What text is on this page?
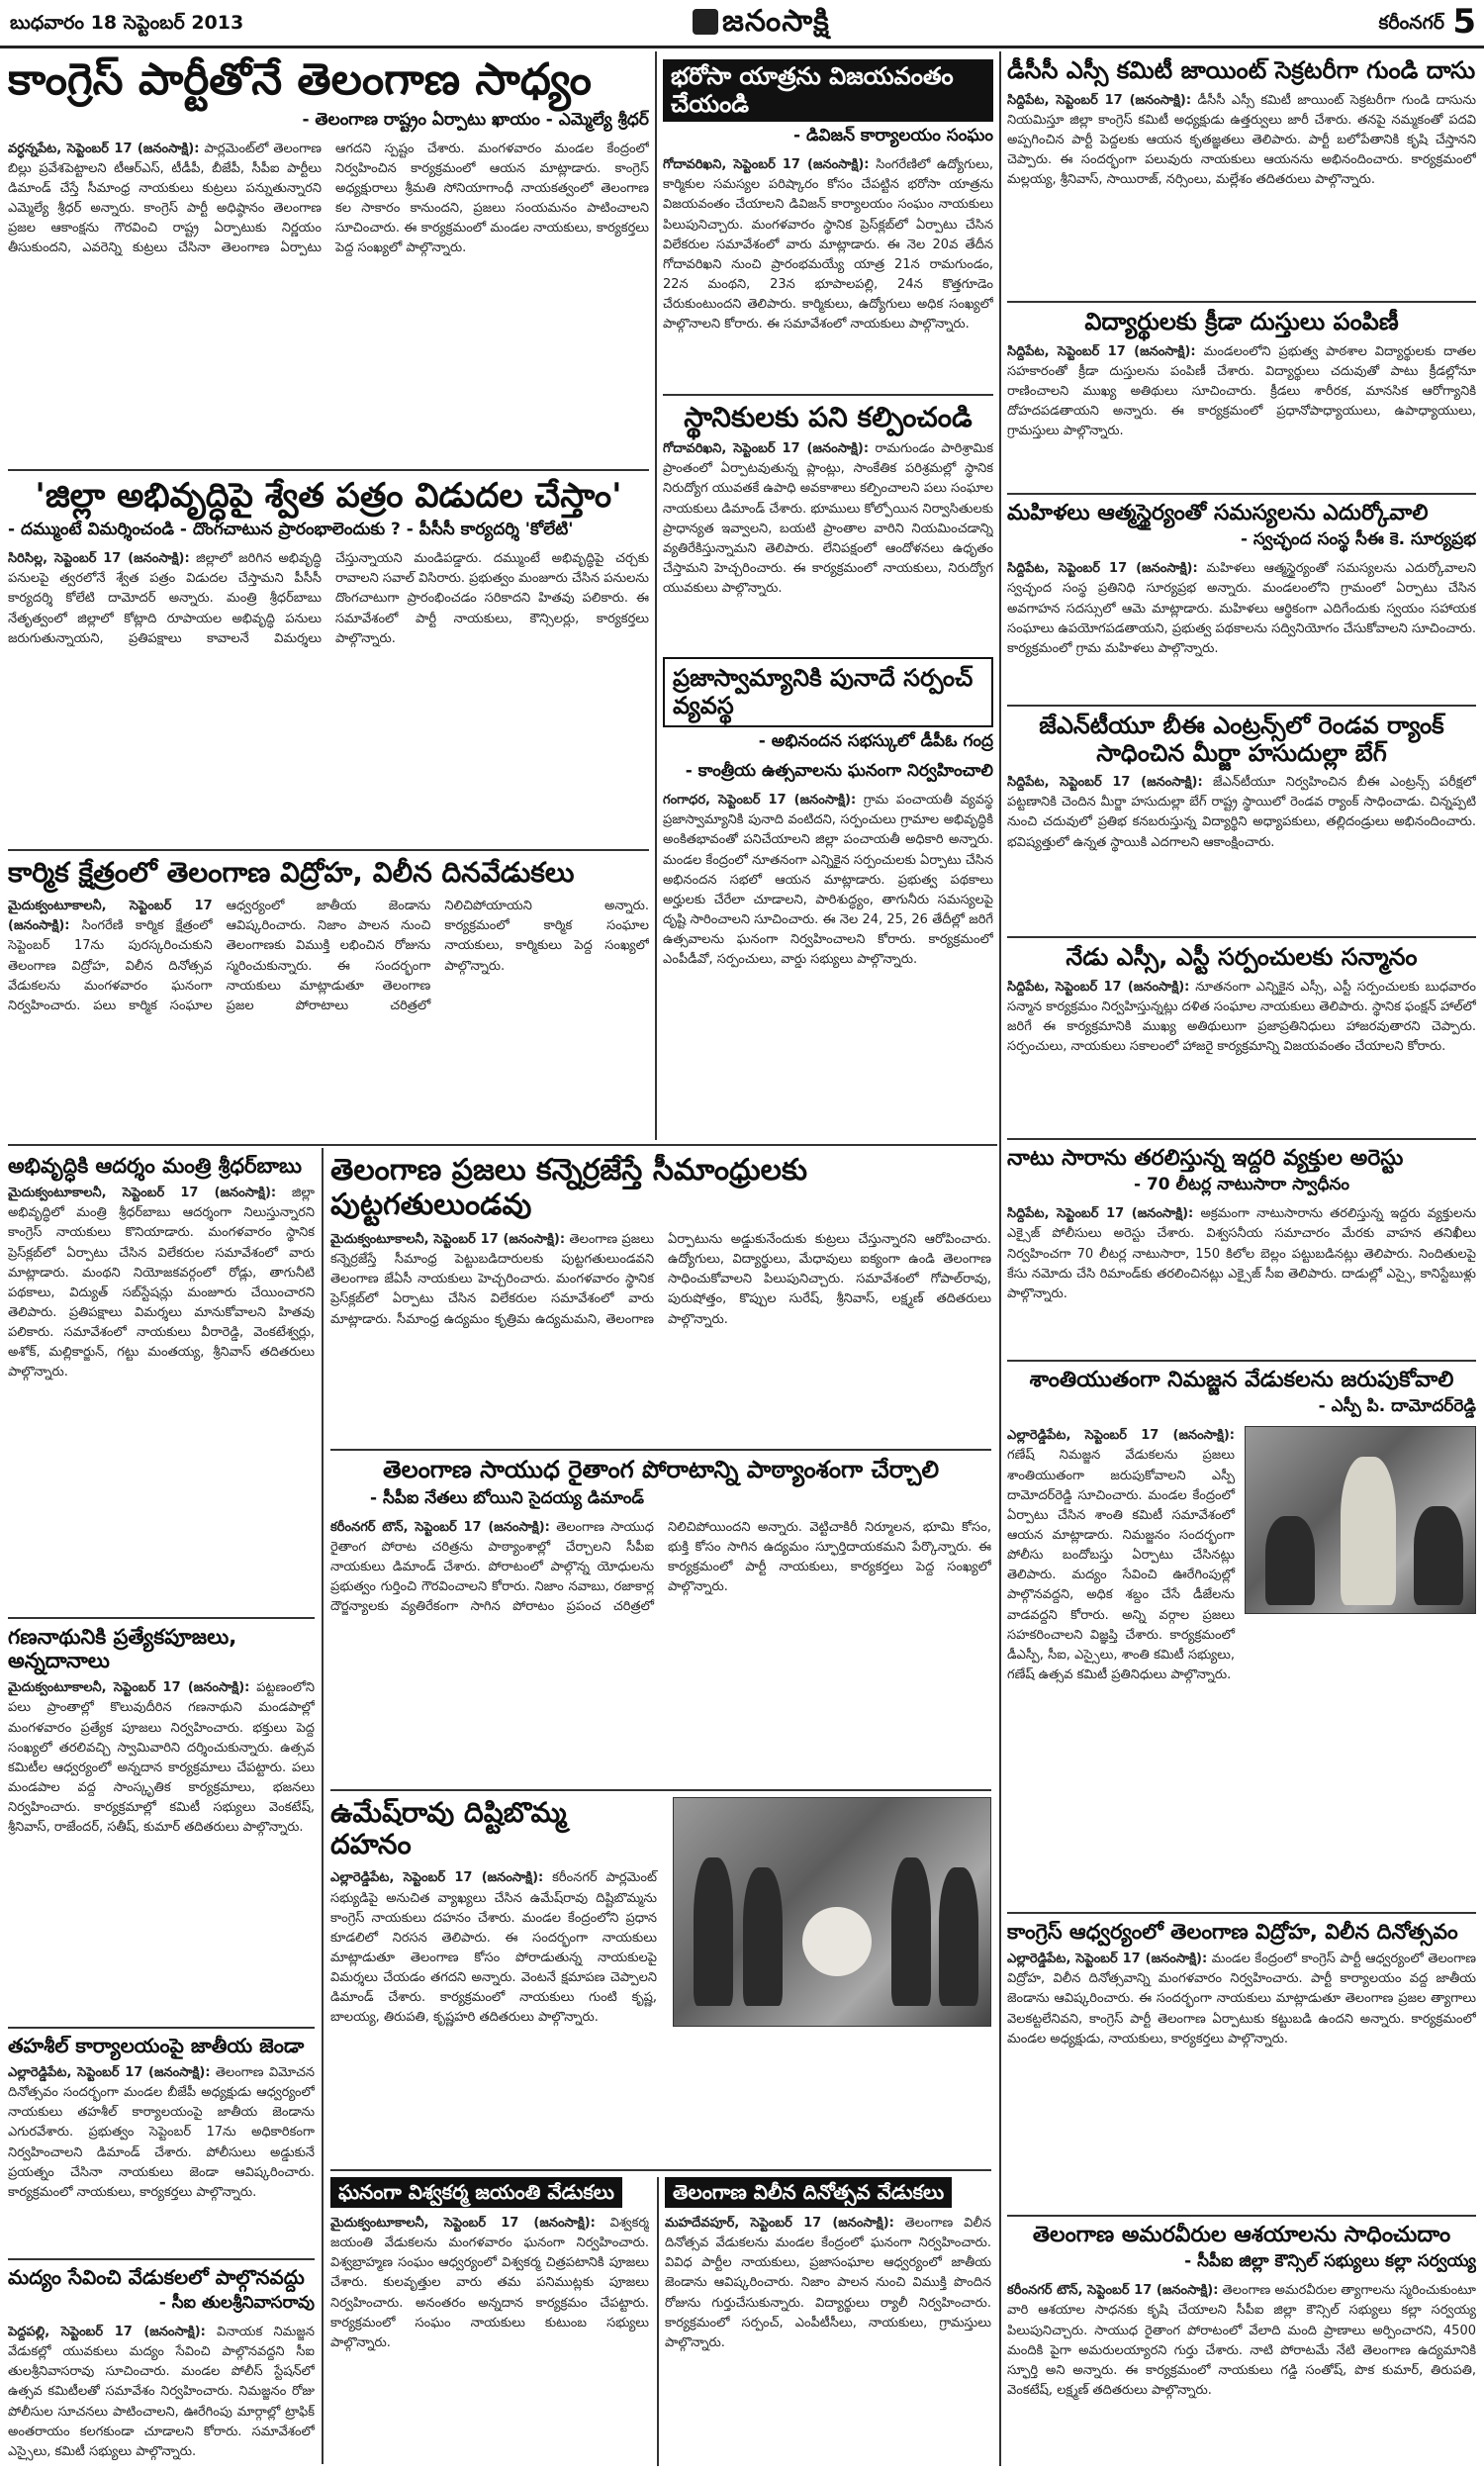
బుధవారం 18 సెప్టెంబర్ 2013	జనంసాక్షి	కరీంనగర్ 5
కాంగ్రెస్ పార్టీతోనే తెలంగాణ సాధ్యం
- తెలంగాణ రాష్ట్రం ఏర్పాటు ఖాయం - ఎమ్మెల్యే శ్రీధర్
వర్ధన్నపేట, సెప్టెంబర్ 17 (జనంసాక్షి): పార్లమెంట్‌లో తెలంగాణ బిల్లు ప్రవేశపెట్టాలని టీఆర్ఎస్, టీడీపీ, బీజేపీ, సీపీఐ పార్టీలు డిమాండ్ చేస్తే సీమాంధ్ర నాయకులు కుట్రలు పన్నుతున్నారని ఎమ్మెల్యే శ్రీధర్ అన్నారు. కాంగ్రెస్ పార్టీ అధిష్ఠానం తెలంగాణ ప్రజల ఆకాంక్షను గౌరవించి రాష్ట్ర ఏర్పాటుకు నిర్ణయం తీసుకుందని, ఎవరెన్ని కుట్రలు చేసినా తెలంగాణ ఏర్పాటు ఆగదని స్పష్టం చేశారు. మంగళవారం మండల కేంద్రంలో నిర్వహించిన కార్యక్రమంలో ఆయన మాట్లాడారు. కాంగ్రెస్ అధ్యక్షురాలు శ్రీమతి సోనియాగాంధీ నాయకత్వంలో తెలంగాణ కల సాకారం కానుందని, ప్రజలు సంయమనం పాటించాలని సూచించారు. ఈ కార్యక్రమంలో మండల నాయకులు, కార్యకర్తలు పెద్ద సంఖ్యలో పాల్గొన్నారు.
'జిల్లా అభివృద్ధిపై శ్వేత పత్రం విడుదల చేస్తాం'
- దమ్ముంటే విమర్శించండి - దొంగచాటున ప్రారంభాలెందుకు ? - పీసీసీ కార్యదర్శి 'కోలేటి'
సిరిసిల్ల, సెప్టెంబర్ 17 (జనంసాక్షి): జిల్లాలో జరిగిన అభివృద్ధి పనులపై త్వరలోనే శ్వేత పత్రం విడుదల చేస్తామని పీసీసీ కార్యదర్శి కోలేటి దామోదర్ అన్నారు. మంత్రి శ్రీధర్‌బాబు నేతృత్వంలో జిల్లాలో కోట్లాది రూపాయల అభివృద్ధి పనులు జరుగుతున్నాయని, ప్రతిపక్షాలు కావాలనే విమర్శలు చేస్తున్నాయని మండిపడ్డారు. దమ్ముంటే అభివృద్ధిపై చర్చకు రావాలని సవాల్ విసిరారు. ప్రభుత్వం మంజూరు చేసిన పనులను దొంగచాటుగా ప్రారంభించడం సరికాదని హితవు పలికారు. ఈ సమావేశంలో పార్టీ నాయకులు, కౌన్సిలర్లు, కార్యకర్తలు పాల్గొన్నారు.
కార్మిక క్షేత్రంలో తెలంగాణ విద్రోహ, విలీన దినవేడుకలు
మైదుక్వంటూకాలనీ, సెప్టెంబర్ 17 (జనంసాక్షి): సింగరేణి కార్మిక క్షేత్రంలో సెప్టెంబర్ 17ను పురస్కరించుకుని తెలంగాణ విద్రోహ, విలీన దినోత్సవ వేడుకలను మంగళవారం ఘనంగా నిర్వహించారు. పలు కార్మిక సంఘాల ఆధ్వర్యంలో జాతీయ జెండాను ఆవిష్కరించారు. నిజాం పాలన నుంచి తెలంగాణకు విముక్తి లభించిన రోజును స్మరించుకున్నారు. ఈ సందర్భంగా నాయకులు మాట్లాడుతూ తెలంగాణ ప్రజల పోరాటాలు చరిత్రలో నిలిచిపోయాయని అన్నారు. కార్యక్రమంలో కార్మిక సంఘాల నాయకులు, కార్మికులు పెద్ద సంఖ్యలో పాల్గొన్నారు.
భరోసా యాత్రను విజయవంతం చేయండి
- డివిజన్ కార్యాలయం సంఘం
గోదావరిఖని, సెప్టెంబర్ 17 (జనంసాక్షి): సింగరేణిలో ఉద్యోగులు, కార్మికుల సమస్యల పరిష్కారం కోసం చేపట్టిన భరోసా యాత్రను విజయవంతం చేయాలని డివిజన్ కార్యాలయం సంఘం నాయకులు పిలుపునిచ్చారు. మంగళవారం స్థానిక ప్రెస్‌క్లబ్‌లో ఏర్పాటు చేసిన విలేకరుల సమావేశంలో వారు మాట్లాడారు. ఈ నెల 20వ తేదీన గోదావరిఖని నుంచి ప్రారంభమయ్యే యాత్ర 21న రామగుండం, 22న మంథని, 23న భూపాలపల్లి, 24న కొత్తగూడెం చేరుకుంటుందని తెలిపారు. కార్మికులు, ఉద్యోగులు అధిక సంఖ్యలో పాల్గొనాలని కోరారు. ఈ సమావేశంలో నాయకులు పాల్గొన్నారు.
స్థానికులకు పని కల్పించండి
గోదావరిఖని, సెప్టెంబర్ 17 (జనంసాక్షి): రామగుండం పారిశ్రామిక ప్రాంతంలో ఏర్పాటవుతున్న ప్లాంట్లు, సాంకేతిక పరిశ్రమల్లో స్థానిక నిరుద్యోగ యువతకే ఉపాధి అవకాశాలు కల్పించాలని పలు సంఘాల నాయకులు డిమాండ్ చేశారు. భూములు కోల్పోయిన నిర్వాసితులకు ప్రాధాన్యత ఇవ్వాలని, బయటి ప్రాంతాల వారిని నియమించడాన్ని వ్యతిరేకిస్తున్నామని తెలిపారు. లేనిపక్షంలో ఆందోళనలు ఉధృతం చేస్తామని హెచ్చరించారు. ఈ కార్యక్రమంలో నాయకులు, నిరుద్యోగ యువకులు పాల్గొన్నారు.
ప్రజాస్వామ్యానికి పునాదే సర్పంచ్ వ్యవస్థ
- అభినందన సభస్కులో డీపీఓ గంద్ర
- కాంత్రీయ ఉత్సవాలను ఘనంగా నిర్వహించాలి
గంగాధర, సెప్టెంబర్ 17 (జనంసాక్షి): గ్రామ పంచాయతీ వ్యవస్థ ప్రజాస్వామ్యానికి పునాది వంటిదని, సర్పంచులు గ్రామాల అభివృద్ధికి అంకితభావంతో పనిచేయాలని జిల్లా పంచాయతీ అధికారి అన్నారు. మండల కేంద్రంలో నూతనంగా ఎన్నికైన సర్పంచులకు ఏర్పాటు చేసిన అభినందన సభలో ఆయన మాట్లాడారు. ప్రభుత్వ పథకాలు అర్హులకు చేరేలా చూడాలని, పారిశుద్ధ్యం, తాగునీరు సమస్యలపై దృష్టి సారించాలని సూచించారు. ఈ నెల 24, 25, 26 తేదీల్లో జరిగే ఉత్సవాలను ఘనంగా నిర్వహించాలని కోరారు. కార్యక్రమంలో ఎంపీడీవో, సర్పంచులు, వార్డు సభ్యులు పాల్గొన్నారు.
డీసీసీ ఎస్సీ కమిటీ జాయింట్ సెక్రటరీగా గుండి దాసు
సిద్దిపేట, సెప్టెంబర్ 17 (జనంసాక్షి): డీసీసీ ఎస్సీ కమిటీ జాయింట్ సెక్రటరీగా గుండి దాసును నియమిస్తూ జిల్లా కాంగ్రెస్ కమిటీ అధ్యక్షుడు ఉత్తర్వులు జారీ చేశారు. తనపై నమ్మకంతో పదవి అప్పగించిన పార్టీ పెద్దలకు ఆయన కృతజ్ఞతలు తెలిపారు. పార్టీ బలోపేతానికి కృషి చేస్తానని చెప్పారు. ఈ సందర్భంగా పలువురు నాయకులు ఆయనను అభినందించారు. కార్యక్రమంలో మల్లయ్య, శ్రీనివాస్, సాయిరాజ్, నర్సింలు, మల్లేశం తదితరులు పాల్గొన్నారు.
విద్యార్థులకు క్రీడా దుస్తులు పంపిణీ
సిద్దిపేట, సెప్టెంబర్ 17 (జనంసాక్షి): మండలంలోని ప్రభుత్వ పాఠశాల విద్యార్థులకు దాతల సహకారంతో క్రీడా దుస్తులను పంపిణీ చేశారు. విద్యార్థులు చదువుతో పాటు క్రీడల్లోనూ రాణించాలని ముఖ్య అతిథులు సూచించారు. క్రీడలు శారీరక, మానసిక ఆరోగ్యానికి దోహదపడతాయని అన్నారు. ఈ కార్యక్రమంలో ప్రధానోపాధ్యాయులు, ఉపాధ్యాయులు, గ్రామస్తులు పాల్గొన్నారు.
మహిళలు ఆత్మస్థైర్యంతో సమస్యలను ఎదుర్కోవాలి
- స్వచ్ఛంద సంస్థ సీఈ కె. సూర్యప్రభ
సిద్దిపేట, సెప్టెంబర్ 17 (జనంసాక్షి): మహిళలు ఆత్మస్థైర్యంతో సమస్యలను ఎదుర్కోవాలని స్వచ్ఛంద సంస్థ ప్రతినిధి సూర్యప్రభ అన్నారు. మండలంలోని గ్రామంలో ఏర్పాటు చేసిన అవగాహన సదస్సులో ఆమె మాట్లాడారు. మహిళలు ఆర్థికంగా ఎదిగేందుకు స్వయం సహాయక సంఘాలు ఉపయోగపడతాయని, ప్రభుత్వ పథకాలను సద్వినియోగం చేసుకోవాలని సూచించారు. కార్యక్రమంలో గ్రామ మహిళలు పాల్గొన్నారు.
జేఎన్‌టీయూ బీఈ ఎంట్రన్స్‌లో రెండవ ర్యాంక్ సాధించిన మీర్జా హసుదుల్లా బేగ్
సిద్దిపేట, సెప్టెంబర్ 17 (జనంసాక్షి): జేఎన్‌టీయూ నిర్వహించిన బీఈ ఎంట్రన్స్ పరీక్షలో పట్టణానికి చెందిన మీర్జా హసుదుల్లా బేగ్ రాష్ట్ర స్థాయిలో రెండవ ర్యాంక్ సాధించాడు. చిన్నప్పటి నుంచి చదువులో ప్రతిభ కనబరుస్తున్న విద్యార్థిని అధ్యాపకులు, తల్లిదండ్రులు అభినందించారు. భవిష్యత్తులో ఉన్నత స్థాయికి ఎదగాలని ఆకాంక్షించారు.
నేడు ఎస్సీ, ఎస్టీ సర్పంచులకు సన్మానం
సిద్దిపేట, సెప్టెంబర్ 17 (జనంసాక్షి): నూతనంగా ఎన్నికైన ఎస్సీ, ఎస్టీ సర్పంచులకు బుధవారం సన్మాన కార్యక్రమం నిర్వహిస్తున్నట్లు దళిత సంఘాల నాయకులు తెలిపారు. స్థానిక ఫంక్షన్ హాల్‌లో జరిగే ఈ కార్యక్రమానికి ముఖ్య అతిథులుగా ప్రజాప్రతినిధులు హాజరవుతారని చెప్పారు. సర్పంచులు, నాయకులు సకాలంలో హాజరై కార్యక్రమాన్ని విజయవంతం చేయాలని కోరారు.
నాటు సారాను తరలిస్తున్న ఇద్దరి వ్యక్తుల అరెస్టు
- 70 లీటర్ల నాటుసారా స్వాధీనం
సిద్దిపేట, సెప్టెంబర్ 17 (జనంసాక్షి): అక్రమంగా నాటుసారాను తరలిస్తున్న ఇద్దరు వ్యక్తులను ఎక్సైజ్ పోలీసులు అరెస్టు చేశారు. విశ్వసనీయ సమాచారం మేరకు వాహన తనిఖీలు నిర్వహించగా 70 లీటర్ల నాటుసారా, 150 కిలోల బెల్లం పట్టుబడినట్లు తెలిపారు. నిందితులపై కేసు నమోదు చేసి రిమాండ్‌కు తరలించినట్లు ఎక్సైజ్ సీఐ తెలిపారు. దాడుల్లో ఎస్సై, కానిస్టేబుళ్లు పాల్గొన్నారు.
శాంతియుతంగా నిమజ్జన వేడుకలను జరుపుకోవాలి
- ఎస్పీ పి. దామోదర్‌రెడ్డి
ఎల్లారెడ్డిపేట, సెప్టెంబర్ 17 (జనంసాక్షి): గణేష్ నిమజ్జన వేడుకలను ప్రజలు శాంతియుతంగా జరుపుకోవాలని ఎస్పీ దామోదర్‌రెడ్డి సూచించారు. మండల కేంద్రంలో ఏర్పాటు చేసిన శాంతి కమిటీ సమావేశంలో ఆయన మాట్లాడారు. నిమజ్జనం సందర్భంగా పోలీసు బందోబస్తు ఏర్పాటు చేసినట్లు తెలిపారు. మద్యం సేవించి ఊరేగింపుల్లో పాల్గొనవద్దని, అధిక శబ్దం చేసే డీజేలను వాడవద్దని కోరారు. అన్ని వర్గాల ప్రజలు సహకరించాలని విజ్ఞప్తి చేశారు. కార్యక్రమంలో డీఎస్పీ, సీఐ, ఎస్సైలు, శాంతి కమిటీ సభ్యులు, గణేష్ ఉత్సవ కమిటీ ప్రతినిధులు పాల్గొన్నారు.
కాంగ్రెస్ ఆధ్వర్యంలో తెలంగాణ విద్రోహ, విలీన దినోత్సవం
ఎల్లారెడ్డిపేట, సెప్టెంబర్ 17 (జనంసాక్షి): మండల కేంద్రంలో కాంగ్రెస్ పార్టీ ఆధ్వర్యంలో తెలంగాణ విద్రోహ, విలీన దినోత్సవాన్ని మంగళవారం నిర్వహించారు. పార్టీ కార్యాలయం వద్ద జాతీయ జెండాను ఆవిష్కరించారు. ఈ సందర్భంగా నాయకులు మాట్లాడుతూ తెలంగాణ ప్రజల త్యాగాలు వెలకట్టలేనివని, కాంగ్రెస్ పార్టీ తెలంగాణ ఏర్పాటుకు కట్టుబడి ఉందని అన్నారు. కార్యక్రమంలో మండల అధ్యక్షుడు, నాయకులు, కార్యకర్తలు పాల్గొన్నారు.
తెలంగాణ అమరవీరుల ఆశయాలను సాధించుదాం
- సీపీఐ జిల్లా కౌన్సిల్ సభ్యులు కల్లా సర్వయ్య
కరీంనగర్ టౌన్, సెప్టెంబర్ 17 (జనంసాక్షి): తెలంగాణ అమరవీరుల త్యాగాలను స్మరించుకుంటూ వారి ఆశయాల సాధనకు కృషి చేయాలని సీపీఐ జిల్లా కౌన్సిల్ సభ్యులు కల్లా సర్వయ్య పిలుపునిచ్చారు. సాయుధ రైతాంగ పోరాటంలో వేలాది మంది ప్రాణాలు అర్పించారని, 4500 మందికి పైగా అమరులయ్యారని గుర్తు చేశారు. నాటి పోరాటమే నేటి తెలంగాణ ఉద్యమానికి స్ఫూర్తి అని అన్నారు. ఈ కార్యక్రమంలో నాయకులు గడ్డి సంతోష్, పొక కుమార్, తిరుపతి, వెంకటేష్, లక్ష్మణ్ తదితరులు పాల్గొన్నారు.
అభివృద్ధికి ఆదర్శం మంత్రి శ్రీధర్‌బాబు
మైదుక్వంటూకాలనీ, సెప్టెంబర్ 17 (జనంసాక్షి): జిల్లా అభివృద్ధిలో మంత్రి శ్రీధర్‌బాబు ఆదర్శంగా నిలుస్తున్నారని కాంగ్రెస్ నాయకులు కొనియాడారు. మంగళవారం స్థానిక ప్రెస్‌క్లబ్‌లో ఏర్పాటు చేసిన విలేకరుల సమావేశంలో వారు మాట్లాడారు. మంథని నియోజకవర్గంలో రోడ్లు, తాగునీటి పథకాలు, విద్యుత్ సబ్‌స్టేషన్లు మంజూరు చేయించారని తెలిపారు. ప్రతిపక్షాలు విమర్శలు మానుకోవాలని హితవు పలికారు. సమావేశంలో నాయకులు వీరారెడ్డి, వెంకటేశ్వర్లు, అశోక్, మల్లికార్జున్, గట్టు మంతయ్య, శ్రీనివాస్ తదితరులు పాల్గొన్నారు.
గణనాథునికి ప్రత్యేకపూజలు, అన్నదానాలు
మైదుక్వంటూకాలనీ, సెప్టెంబర్ 17 (జనంసాక్షి): పట్టణంలోని పలు ప్రాంతాల్లో కొలువుదీరిన గణనాథుని మండపాల్లో మంగళవారం ప్రత్యేక పూజలు నిర్వహించారు. భక్తులు పెద్ద సంఖ్యలో తరలివచ్చి స్వామివారిని దర్శించుకున్నారు. ఉత్సవ కమిటీల ఆధ్వర్యంలో అన్నదాన కార్యక్రమాలు చేపట్టారు. పలు మండపాల వద్ద సాంస్కృతిక కార్యక్రమాలు, భజనలు నిర్వహించారు. కార్యక్రమాల్లో కమిటీ సభ్యులు వెంకటేష్, శ్రీనివాస్, రాజేందర్, సతీష్, కుమార్ తదితరులు పాల్గొన్నారు.
తహశీల్ కార్యాలయంపై జాతీయ జెండా
ఎల్లారెడ్డిపేట, సెప్టెంబర్ 17 (జనంసాక్షి): తెలంగాణ విమోచన దినోత్సవం సందర్భంగా మండల బీజేపీ అధ్యక్షుడు ఆధ్వర్యంలో నాయకులు తహశీల్ కార్యాలయంపై జాతీయ జెండాను ఎగురవేశారు. ప్రభుత్వం సెప్టెంబర్ 17ను అధికారికంగా నిర్వహించాలని డిమాండ్ చేశారు. పోలీసులు అడ్డుకునే ప్రయత్నం చేసినా నాయకులు జెండా ఆవిష్కరించారు. కార్యక్రమంలో నాయకులు, కార్యకర్తలు పాల్గొన్నారు.
మద్యం సేవించి వేడుకలలో పాల్గొనవద్దు
- సీఐ తులశ్రీనివాసరావు
పెద్దపల్లి, సెప్టెంబర్ 17 (జనంసాక్షి): వినాయక నిమజ్జన వేడుకల్లో యువకులు మద్యం సేవించి పాల్గొనవద్దని సీఐ తులశ్రీనివాసరావు సూచించారు. మండల పోలీస్ స్టేషన్‌లో ఉత్సవ కమిటీలతో సమావేశం నిర్వహించారు. నిమజ్జనం రోజు పోలీసుల సూచనలు పాటించాలని, ఊరేగింపు మార్గాల్లో ట్రాఫిక్ అంతరాయం కలగకుండా చూడాలని కోరారు. సమావేశంలో ఎస్సైలు, కమిటీ సభ్యులు పాల్గొన్నారు.
తెలంగాణ ప్రజలు కన్నెర్రజేస్తే సీమాంధ్రులకు పుట్టగతులుండవు
మైదుక్వంటూకాలనీ, సెప్టెంబర్ 17 (జనంసాక్షి): తెలంగాణ ప్రజలు కన్నెర్రజేస్తే సీమాంధ్ర పెట్టుబడిదారులకు పుట్టగతులుండవని తెలంగాణ జేఏసీ నాయకులు హెచ్చరించారు. మంగళవారం స్థానిక ప్రెస్‌క్లబ్‌లో ఏర్పాటు చేసిన విలేకరుల సమావేశంలో వారు మాట్లాడారు. సీమాంధ్ర ఉద్యమం కృత్రిమ ఉద్యమమని, తెలంగాణ ఏర్పాటును అడ్డుకునేందుకు కుట్రలు చేస్తున్నారని ఆరోపించారు. ఉద్యోగులు, విద్యార్థులు, మేధావులు ఐక్యంగా ఉండి తెలంగాణ సాధించుకోవాలని పిలుపునిచ్చారు. సమావేశంలో గోపాల్‌రావు, పురుషోత్తం, కొప్పుల సురేష్, శ్రీనివాస్, లక్ష్మణ్ తదితరులు పాల్గొన్నారు.
తెలంగాణ సాయుధ రైతాంగ పోరాటాన్ని పాఠ్యాంశంగా చేర్చాలి
- సీపీఐ నేతలు బోయిని సైదయ్య డిమాండ్
కరీంనగర్ టౌన్, సెప్టెంబర్ 17 (జనంసాక్షి): తెలంగాణ సాయుధ రైతాంగ పోరాట చరిత్రను పాఠ్యాంశాల్లో చేర్చాలని సీపీఐ నాయకులు డిమాండ్ చేశారు. పోరాటంలో పాల్గొన్న యోధులను ప్రభుత్వం గుర్తించి గౌరవించాలని కోరారు. నిజాం నవాబు, రజాకార్ల దౌర్జన్యాలకు వ్యతిరేకంగా సాగిన పోరాటం ప్రపంచ చరిత్రలో నిలిచిపోయిందని అన్నారు. వెట్టిచాకిరీ నిర్మూలన, భూమి కోసం, భుక్తి కోసం సాగిన ఉద్యమం స్ఫూర్తిదాయకమని పేర్కొన్నారు. ఈ కార్యక్రమంలో పార్టీ నాయకులు, కార్యకర్తలు పెద్ద సంఖ్యలో పాల్గొన్నారు.
ఉమేష్‌రావు దిష్టిబొమ్మ దహనం
ఎల్లారెడ్డిపేట, సెప్టెంబర్ 17 (జనంసాక్షి): కరీంనగర్ పార్లమెంట్ సభ్యుడిపై అనుచిత వ్యాఖ్యలు చేసిన ఉమేష్‌రావు దిష్టిబొమ్మను కాంగ్రెస్ నాయకులు దహనం చేశారు. మండల కేంద్రంలోని ప్రధాన కూడలిలో నిరసన తెలిపారు. ఈ సందర్భంగా నాయకులు మాట్లాడుతూ తెలంగాణ కోసం పోరాడుతున్న నాయకులపై విమర్శలు చేయడం తగదని అన్నారు. వెంటనే క్షమాపణ చెప్పాలని డిమాండ్ చేశారు. కార్యక్రమంలో నాయకులు గుంటి కృష్ణ, బాలయ్య, తిరుపతి, కృష్ణహరి తదితరులు పాల్గొన్నారు.
ఘనంగా విశ్వకర్మ జయంతి వేడుకలు
మైదుక్వంటూకాలనీ, సెప్టెంబర్ 17 (జనంసాక్షి): విశ్వకర్మ జయంతి వేడుకలను మంగళవారం ఘనంగా నిర్వహించారు. విశ్వబ్రాహ్మణ సంఘం ఆధ్వర్యంలో విశ్వకర్మ చిత్రపటానికి పూజలు చేశారు. కులవృత్తుల వారు తమ పనిముట్లకు పూజలు నిర్వహించారు. అనంతరం అన్నదాన కార్యక్రమం చేపట్టారు. కార్యక్రమంలో సంఘం నాయకులు కుటుంబ సభ్యులు పాల్గొన్నారు.
తెలంగాణ విలీన దినోత్సవ వేడుకలు
మహదేవపూర్, సెప్టెంబర్ 17 (జనంసాక్షి): తెలంగాణ విలీన దినోత్సవ వేడుకలను మండల కేంద్రంలో ఘనంగా నిర్వహించారు. వివిధ పార్టీల నాయకులు, ప్రజాసంఘాల ఆధ్వర్యంలో జాతీయ జెండాను ఆవిష్కరించారు. నిజాం పాలన నుంచి విముక్తి పొందిన రోజును గుర్తుచేసుకున్నారు. విద్యార్థులు ర్యాలీ నిర్వహించారు. కార్యక్రమంలో సర్పంచ్, ఎంపీటీసీలు, నాయకులు, గ్రామస్తులు పాల్గొన్నారు.
